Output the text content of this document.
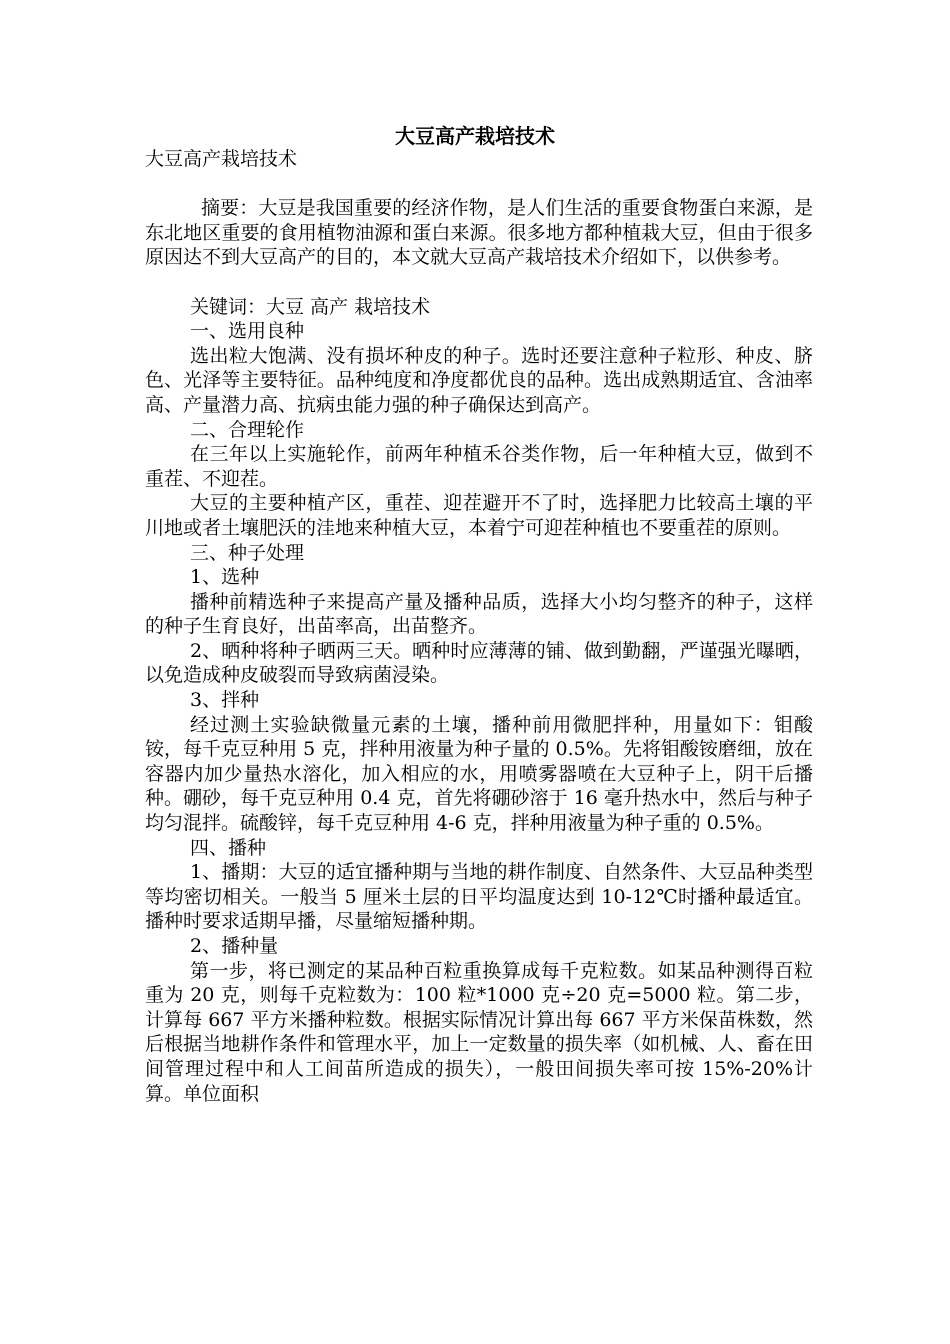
大豆高产栽培技术

大豆高产栽培技术

摘要：大豆是我国重要的经济作物，是人们生活的重要食物蛋白来源，是东北地区重要的食用植物油源和蛋白来源。很多地方都种植栽大豆，但由于很多原因达不到大豆高产的目的，本文就大豆高产栽培技术介绍如下，以供参考。

关键词：大豆 高产 栽培技术

一、选用良种

选出粒大饱满、没有损坏种皮的种子。选时还要注意种子粒形、种皮、脐色、光泽等主要特征。品种纯度和净度都优良的品种。选出成熟期适宜、含油率高、产量潜力高、抗病虫能力强的种子确保达到高产。

二、合理轮作

在三年以上实施轮作，前两年种植禾谷类作物，后一年种植大豆，做到不重茬、不迎茬。

大豆的主要种植产区，重茬、迎茬避开不了时，选择肥力比较高土壤的平川地或者土壤肥沃的洼地来种植大豆，本着宁可迎茬种植也不要重茬的原则。

三、种子处理

1、选种

播种前精选种子来提高产量及播种品质，选择大小均匀整齐的种子，这样的种子生育良好，出苗率高，出苗整齐。

2、晒种将种子晒两三天。晒种时应薄薄的铺、做到勤翻，严谨强光曝晒，以免造成种皮破裂而导致病菌浸染。

3、拌种

经过测土实验缺微量元素的土壤，播种前用微肥拌种，用量如下：钼酸铵，每千克豆种用 5 克，拌种用液量为种子量的 0.5%。先将钼酸铵磨细，放在容器内加少量热水溶化，加入相应的水，用喷雾器喷在大豆种子上，阴干后播种。硼砂，每千克豆种用 0.4 克，首先将硼砂溶于 16 毫升热水中，然后与种子均匀混拌。硫酸锌，每千克豆种用 4-6 克，拌种用液量为种子重的 0.5%。

四、播种

1、播期：大豆的适宜播种期与当地的耕作制度、自然条件、大豆品种类型等均密切相关。一般当 5 厘米土层的日平均温度达到 10-12℃时播种最适宜。播种时要求适期早播，尽量缩短播种期。

2、播种量

第一步，将已测定的某品种百粒重换算成每千克粒数。如某品种测得百粒重为 20 克，则每千克粒数为：100 粒*1000 克÷20 克=5000 粒。第二步，计算每 667 平方米播种粒数。根据实际情况计算出每 667 平方米保苗株数，然后根据当地耕作条件和管理水平，加上一定数量的损失率（如机械、人、畜在田间管理过程中和人工间苗所造成的损失），一般田间损失率可按 15%-20%计算。单位面积
